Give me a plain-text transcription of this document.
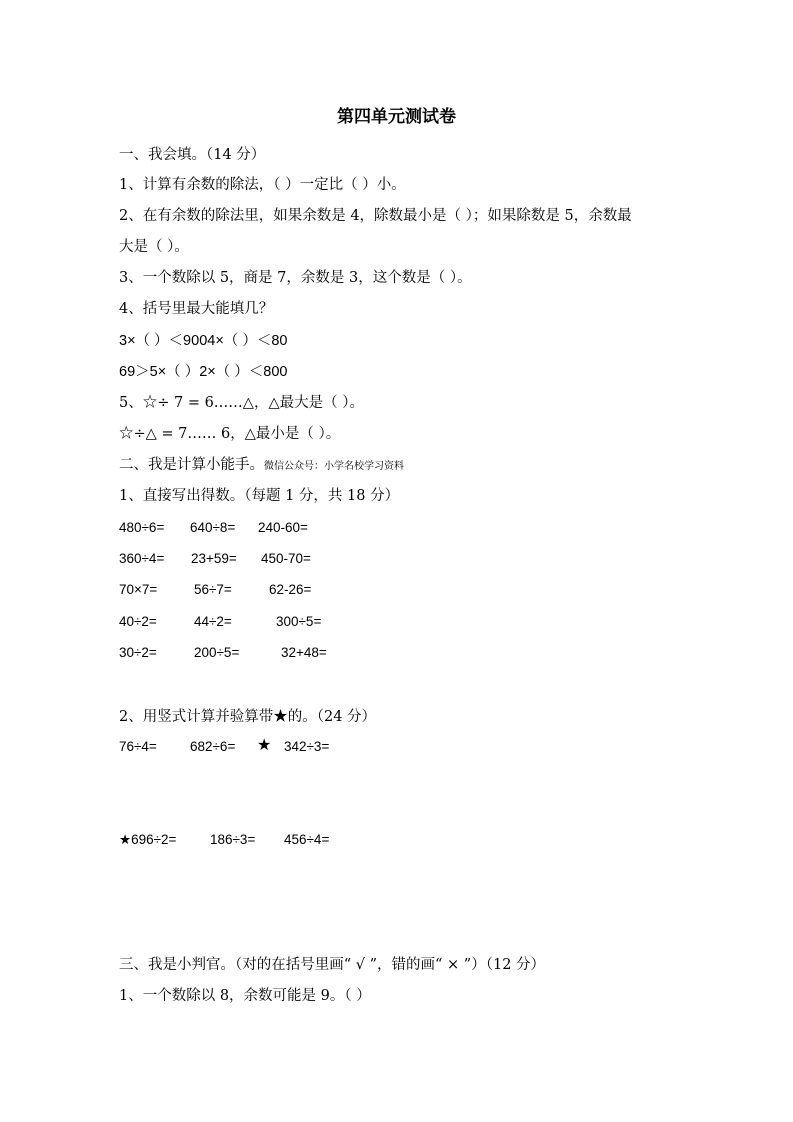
第四单元测试卷
一、我会填。（14 分）
1、计算有余数的除法，（ ）一定比（ ）小。
2、在有余数的除法里，如果余数是 4，除数最小是（ ）；如果除数是 5，余数最
大是（ ）。
3、一个数除以 5，商是 7，余数是 3，这个数是（ ）。
4、括号里最大能填几？
3×（ ）＜9004×（ ）＜80
69＞5×（ ）2×（ ）＜800
5、☆÷ 7 = 6……△，△最大是（ ）。
☆÷△ = 7…… 6，△最小是（ ）。
二、我是计算小能手。微信公众号：小学名校学习资料
1、直接写出得数。（每题 1 分，共 18 分）
480÷6= 640÷8= 240-60=
360÷4= 23+59= 450-70=
70×7=	56÷7=	62-26=
40÷2=	44÷2=	300÷5=
30÷2=	200÷5=	32+48=
2、用竖式计算并验算带★的。（24 分）
76÷4= 682÷6= ★ 342÷3=
★696÷2= 186÷3= 456÷4=
三、我是小判官。（对的在括号里画“ √ ”，错的画“ × ”）（12 分）
1、一个数除以 8，余数可能是 9。（ ）
